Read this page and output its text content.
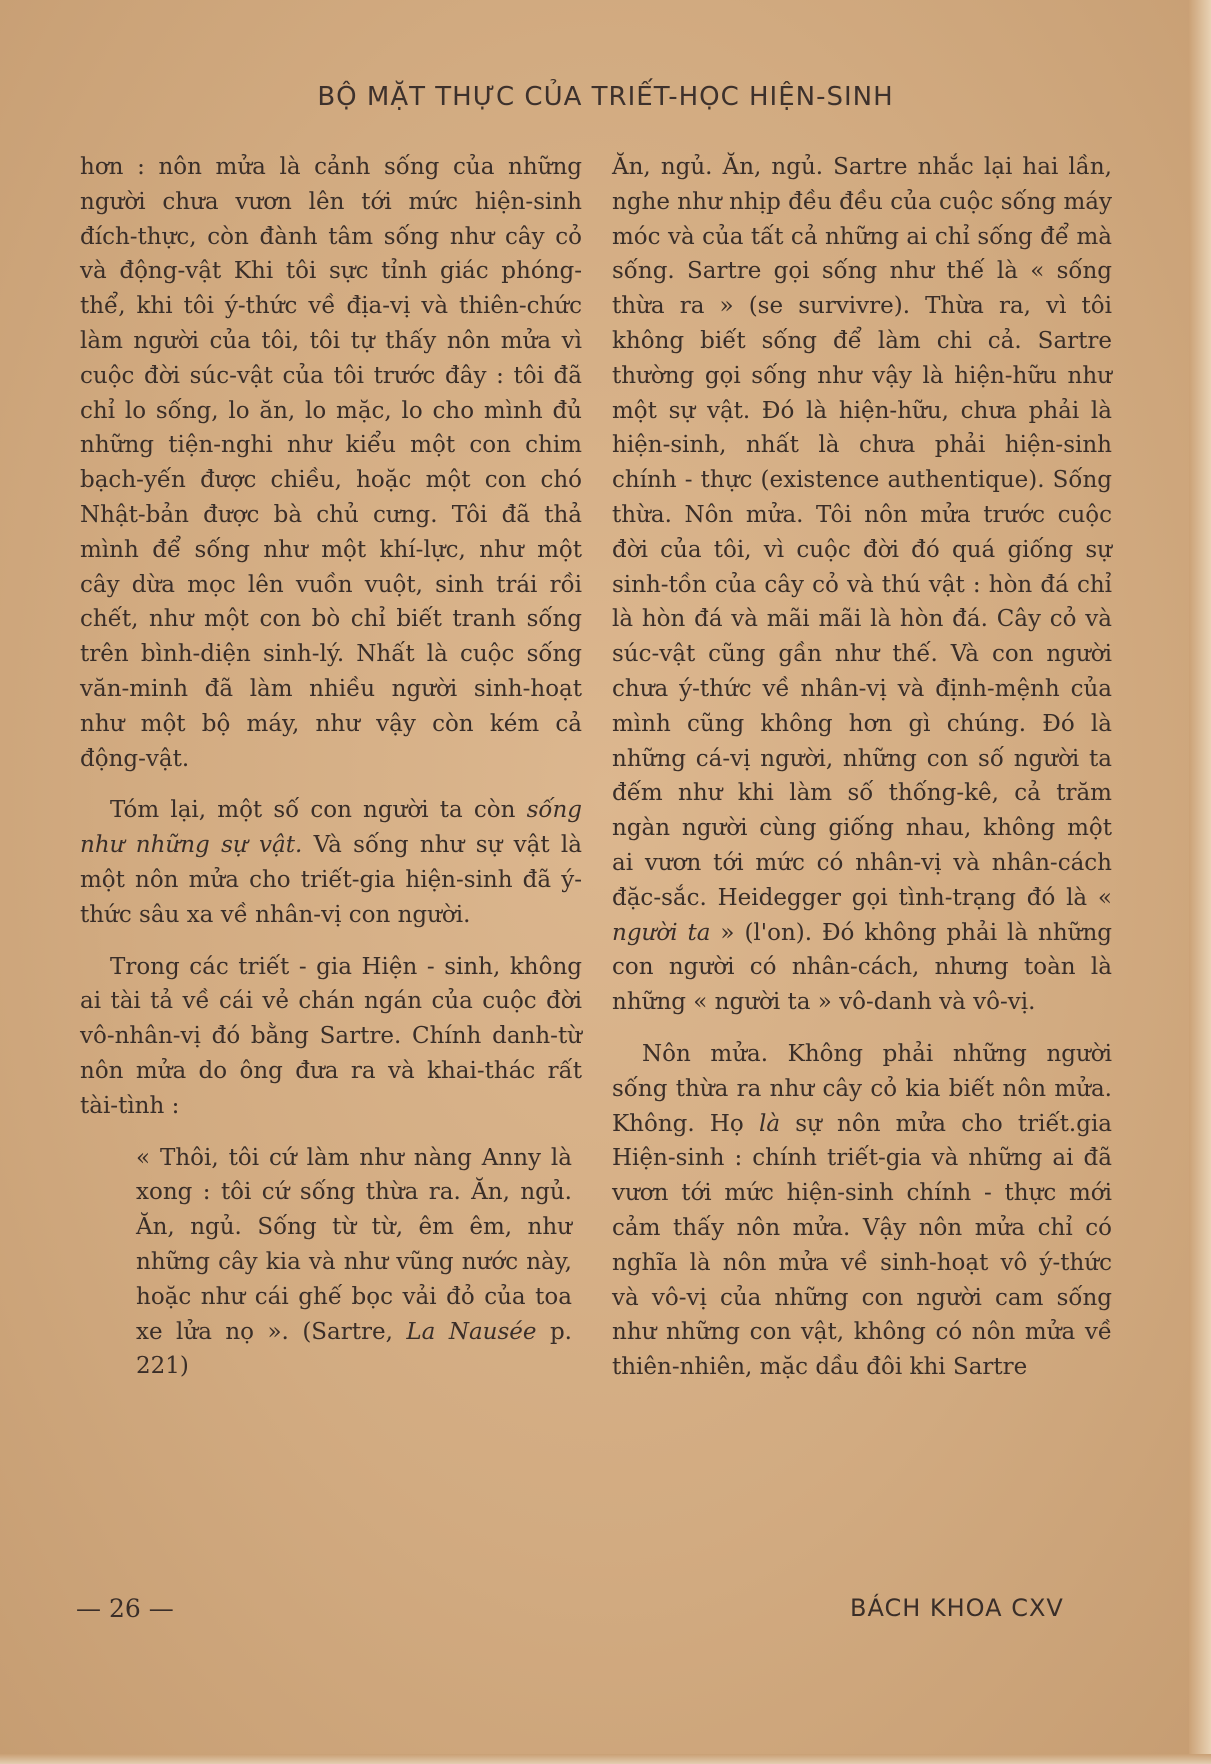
BỘ MẶT THỰC CỦA TRIẾT-HỌC HIỆN-SINH

hơn : nôn mửa là cảnh sống của những người chưa vươn lên tới mức hiện-sinh đích-thực, còn đành tâm sống như cây cỏ và động-vật Khi tôi sực tỉnh giác phóng-thể, khi tôi ý-thức về địa-vị và thiên-chức làm người của tôi, tôi tự thấy nôn mửa vì cuộc đời súc-vật của tôi trước đây : tôi đã chỉ lo sống, lo ăn, lo mặc, lo cho mình đủ những tiện-nghi như kiểu một con chim bạch-yến được chiều, hoặc một con chó Nhật-bản được bà chủ cưng. Tôi đã thả mình để sống như một khí-lực, như một cây dừa mọc lên vuồn vuột, sinh trái rồi chết, như một con bò chỉ biết tranh sống trên bình-diện sinh-lý. Nhất là cuộc sống văn-minh đã làm nhiều người sinh-hoạt như một bộ máy, như vậy còn kém cả động-vật.

Tóm lại, một số con người ta còn sống như những sự vật. Và sống như sự vật là một nôn mửa cho triết-gia hiện-sinh đã ý-thức sâu xa về nhân-vị con người.

Trong các triết - gia Hiện - sinh, không ai tài tả về cái vẻ chán ngán của cuộc đời vô-nhân-vị đó bằng Sartre. Chính danh-từ nôn mửa do ông đưa ra và khai-thác rất tài-tình :

« Thôi, tôi cứ làm như nàng Anny là xong : tôi cứ sống thừa ra. Ăn, ngủ. Ăn, ngủ. Sống từ từ, êm êm, như những cây kia và như vũng nước này, hoặc như cái ghế bọc vải đỏ của toa xe lửa nọ ». (Sartre, La Nausée p. 221)

Ăn, ngủ. Ăn, ngủ. Sartre nhắc lại hai lần, nghe như nhịp đều đều của cuộc sống máy móc và của tất cả những ai chỉ sống để mà sống. Sartre gọi sống như thế là « sống thừa ra » (se survivre). Thừa ra, vì tôi không biết sống để làm chi cả. Sartre thường gọi sống như vậy là hiện-hữu như một sự vật. Đó là hiện-hữu, chưa phải là hiện-sinh, nhất là chưa phải hiện-sinh chính - thực (existence authentique). Sống thừa. Nôn mửa. Tôi nôn mửa trước cuộc đời của tôi, vì cuộc đời đó quá giống sự sinh-tồn của cây cỏ và thú vật : hòn đá chỉ là hòn đá và mãi mãi là hòn đá. Cây cỏ và súc-vật cũng gần như thế. Và con người chưa ý-thức về nhân-vị và định-mệnh của mình cũng không hơn gì chúng. Đó là những cá-vị người, những con số người ta đếm như khi làm số thống-kê, cả trăm ngàn người cùng giống nhau, không một ai vươn tới mức có nhân-vị và nhân-cách đặc-sắc. Heidegger gọi tình-trạng đó là « người ta » (l'on). Đó không phải là những con người có nhân-cách, nhưng toàn là những « người ta » vô-danh và vô-vị.

Nôn mửa. Không phải những người sống thừa ra như cây cỏ kia biết nôn mửa. Không. Họ là sự nôn mửa cho triết.gia Hiện-sinh : chính triết-gia và những ai đã vươn tới mức hiện-sinh chính - thực mới cảm thấy nôn mửa. Vậy nôn mửa chỉ có nghĩa là nôn mửa về sinh-hoạt vô ý-thức và vô-vị của những con người cam sống như những con vật, không có nôn mửa về thiên-nhiên, mặc dầu đôi khi Sartre

— 26 —	BÁCH KHOA CXV
